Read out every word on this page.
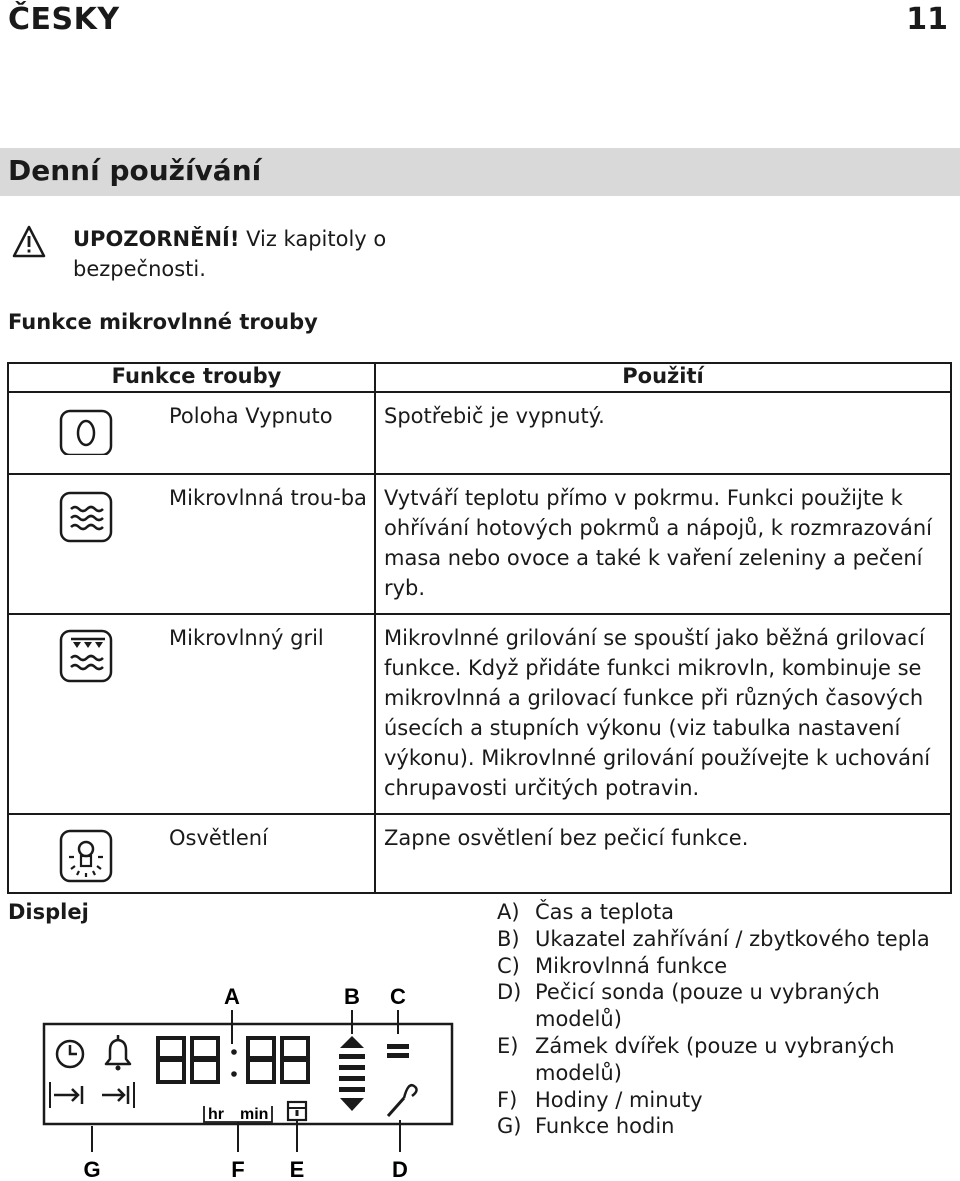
ČESKY	11
Denní používání
UPOZORNĚNÍ! Viz kapitoly o bezpečnosti.
Funkce mikrovlnné trouby
Funkce trouby		Použití

	Poloha Vypnuto	Spotřebič je vypnutý.

	Mikrovlnná trou-ba	Vytváří teplotu přímo v pokrmu. Funkci použijte k ohřívání hotových pokrmů a nápojů, k rozmrazování masa nebo ovoce a také k vaření zeleniny a pečení ryb.

	Mikrovlnný gril	Mikrovlnné grilování se spouští jako běžná grilovací funkce. Když přidáte funkci mikrovln, kombinuje se mikrovlnná a grilovací funkce při různých časových úsecích a stupních výkonu (viz tabulka nastavení výkonu). Mikrovlnné grilování používejte k uchování chrupavosti určitých potravin.

	Osvětlení	Zapne osvětlení bez pečicí funkce.
Displej
A	B C
hr min
G	F E	D
A) Čas a teplota
B) Ukazatel zahřívání / zbytkového tepla
C) Mikrovlnná funkce
D) Pečicí sonda (pouze u vybraných modelů)
E) Zámek dvířek (pouze u vybraných modelů)
F) Hodiny / minuty
G) Funkce hodin
